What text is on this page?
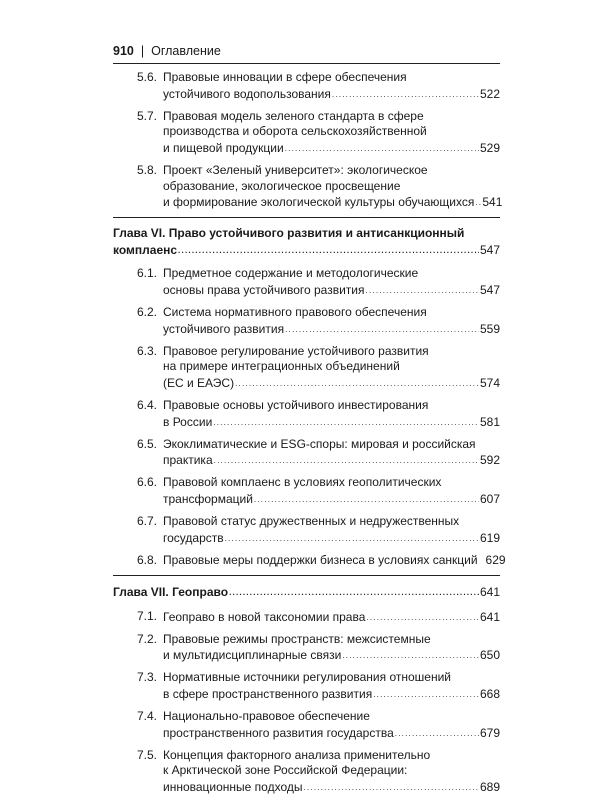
910 | Оглавление
5.6. Правовые инновации в сфере обеспечения
устойчивого водопользования . . .	522
5.7. Правовая модель зеленого стандарта в сфере
производства и оборота сельскохозяйственной
и пищевой продукции . . .	529
5.8. Проект «Зеленый университет»: экологическое
образование, экологическое просвещение
и формирование экологической культуры обучающихся . . . 541
Глава VI. Право устойчивого развития и антисанкционный
комплаенс . . .	547
6.1. Предметное содержание и методологические
основы права устойчивого развития . . .	547
6.2. Система нормативного правового обеспечения
устойчивого развития . . .	559
6.3. Правовое регулирование устойчивого развития
на примере интеграционных объединений
(ЕС и ЕАЭС) . . .	574
6.4. Правовые основы устойчивого инвестирования
в России . . .	581
6.5. Экоклиматические и ESG-споры: мировая и российская
практика . . .	592
6.6. Правовой комплаенс в условиях геополитических
трансформаций . . .	607
6.7. Правовой статус дружественных и недружественных
государств . . .	619
6.8. Правовые меры поддержки бизнеса в условиях санкций 629
Глава VII. Геоправо . . .	641
7.1. Геоправо в новой таксономии права . . .	641
7.2. Правовые режимы пространств: межсистемные
и мультидисциплинарные связи . . .	650
7.3. Нормативные источники регулирования отношений
в сфере пространственного развития . . .	668
7.4. Национально-правовое обеспечение
пространственного развития государства . . .	679
7.5. Концепция факторного анализа применительно
к Арктической зоне Российской Федерации:
инновационные подходы . . .	689
